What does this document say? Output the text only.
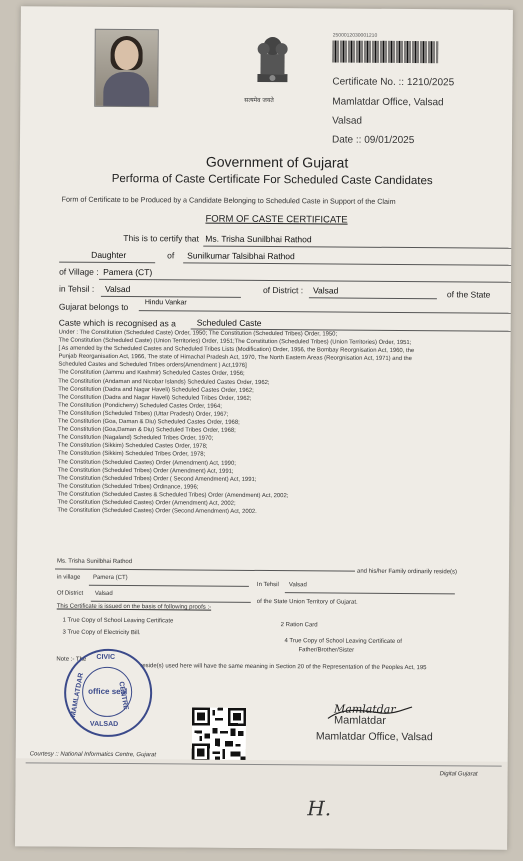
सत्यमेव जयते
2500012030001210
Certificate No. :: 1210/2025
Mamlatdar Office, Valsad
Valsad
Date :: 09/01/2025
Government of Gujarat
Performa of Caste Certificate For Scheduled Caste Candidates
Form of Certificate to be Produced by a Candidate Belonging to Scheduled Caste in Support of the Claim
FORM OF CASTE CERTIFICATE
This is to certify that Ms. Trisha Sunilbhai Rathod
Daughter	of Sunilkumar Talsibhai Rathod
of Village : Pamera (CT)
in Tehsil : Valsad	of District : Valsad	of the State
Gujarat belongs to Hindu Vankar
Caste which is recognised as a Scheduled Caste
Under : The Constitution (Scheduled Caste) Order, 1950; The Constitution (Scheduled Tribes) Order, 1950;
The Constitution (Scheduled Caste) (Union Territories) Order, 1951;The Constitution (Scheduled Tribes) (Union Territories) Order, 1951;
[ As amended by the Scheduled Castes and Scheduled Tribes Lists (Modification) Order, 1956, the Bombay Reorgnisation Act, 1960, the
Punjab Reorganisation Act, 1966, The state of Himachal Pradesh Act, 1970, The North Eastern Areas (Reorgnisation Act, 1971) and the
Scheduled Castes and Scheduled Tribes orders(Amendment ) Act,1976]
The Constitution (Jammu and Kashmir) Scheduled Castes Order, 1956;
The Constitution (Andaman and Nicobar Islands) Scheduled Castes Order, 1962;
The Constitution (Dadra and Nagar Haveli) Scheduled Castes Order, 1962;
The Constitution (Dadra and Nagar Haveli) Scheduled Tribes Order, 1962;
The Constitution (Pondicherry) Scheduled Castes Order, 1964;
The Constitution (Scheduled Tribes) (Uttar Pradesh) Order, 1967;
The Constitution (Goa, Daman & Diu) Scheduled Castes Order, 1968;
The Constitution (Goa,Daman & Diu) Scheduled Tribes Order, 1968;
The Constitution (Nagaland) Scheduled Tribes Order, 1970;
The Constitution (Sikkim) Scheduled Castes Order, 1978;
The Constitution (Sikkim) Scheduled Tribes Order, 1978;
The Constitution (Scheduled Castes) Order (Amendment) Act, 1990;
The Constitution (Scheduled Tribes) Order (Amendment) Act, 1991;
The Constitution (Scheduled Tribes) Order ( Second Amendment) Act, 1991;
The Constitution (Scheduled Tribes) Ordinance, 1996;
The Constitution (Scheduled Castes & Scheduled Tribes) Order (Amendment) Act, 2002;
The Constitution (Scheduled Castes) Order (Amendment) Act, 2002;
The Constitution (Scheduled Castes) Order (Second Amendment) Act, 2002.
Ms. Trisha Sunilbhai Rathod
and his/her Family ordinarily reside(s)
in village Pamera (CT)
In Tehsil Valsad
Of District Valsad
of the State Union Territory of Gujarat.
This Certificate is issued on the basis of following proofs :-
1 True Copy of School Leaving Certificate
2 Ration Card
3 True Copy of Electricity Bill.
4 True Copy of School Leaving Certificate of
Father/Brother/Sister
Note :- The
reside(s) used here will have the same meaning in Section 20 of the Representation of the Peoples Act, 195
CIVIC
CENTRE
MAMLATDAR
VALSAD
office seal
Mamlatdar
Mamlatdar
Mamlatdar Office, Valsad
Courtesy :: National Informatics Centre, Gujarat
Digital Gujarat
H.
